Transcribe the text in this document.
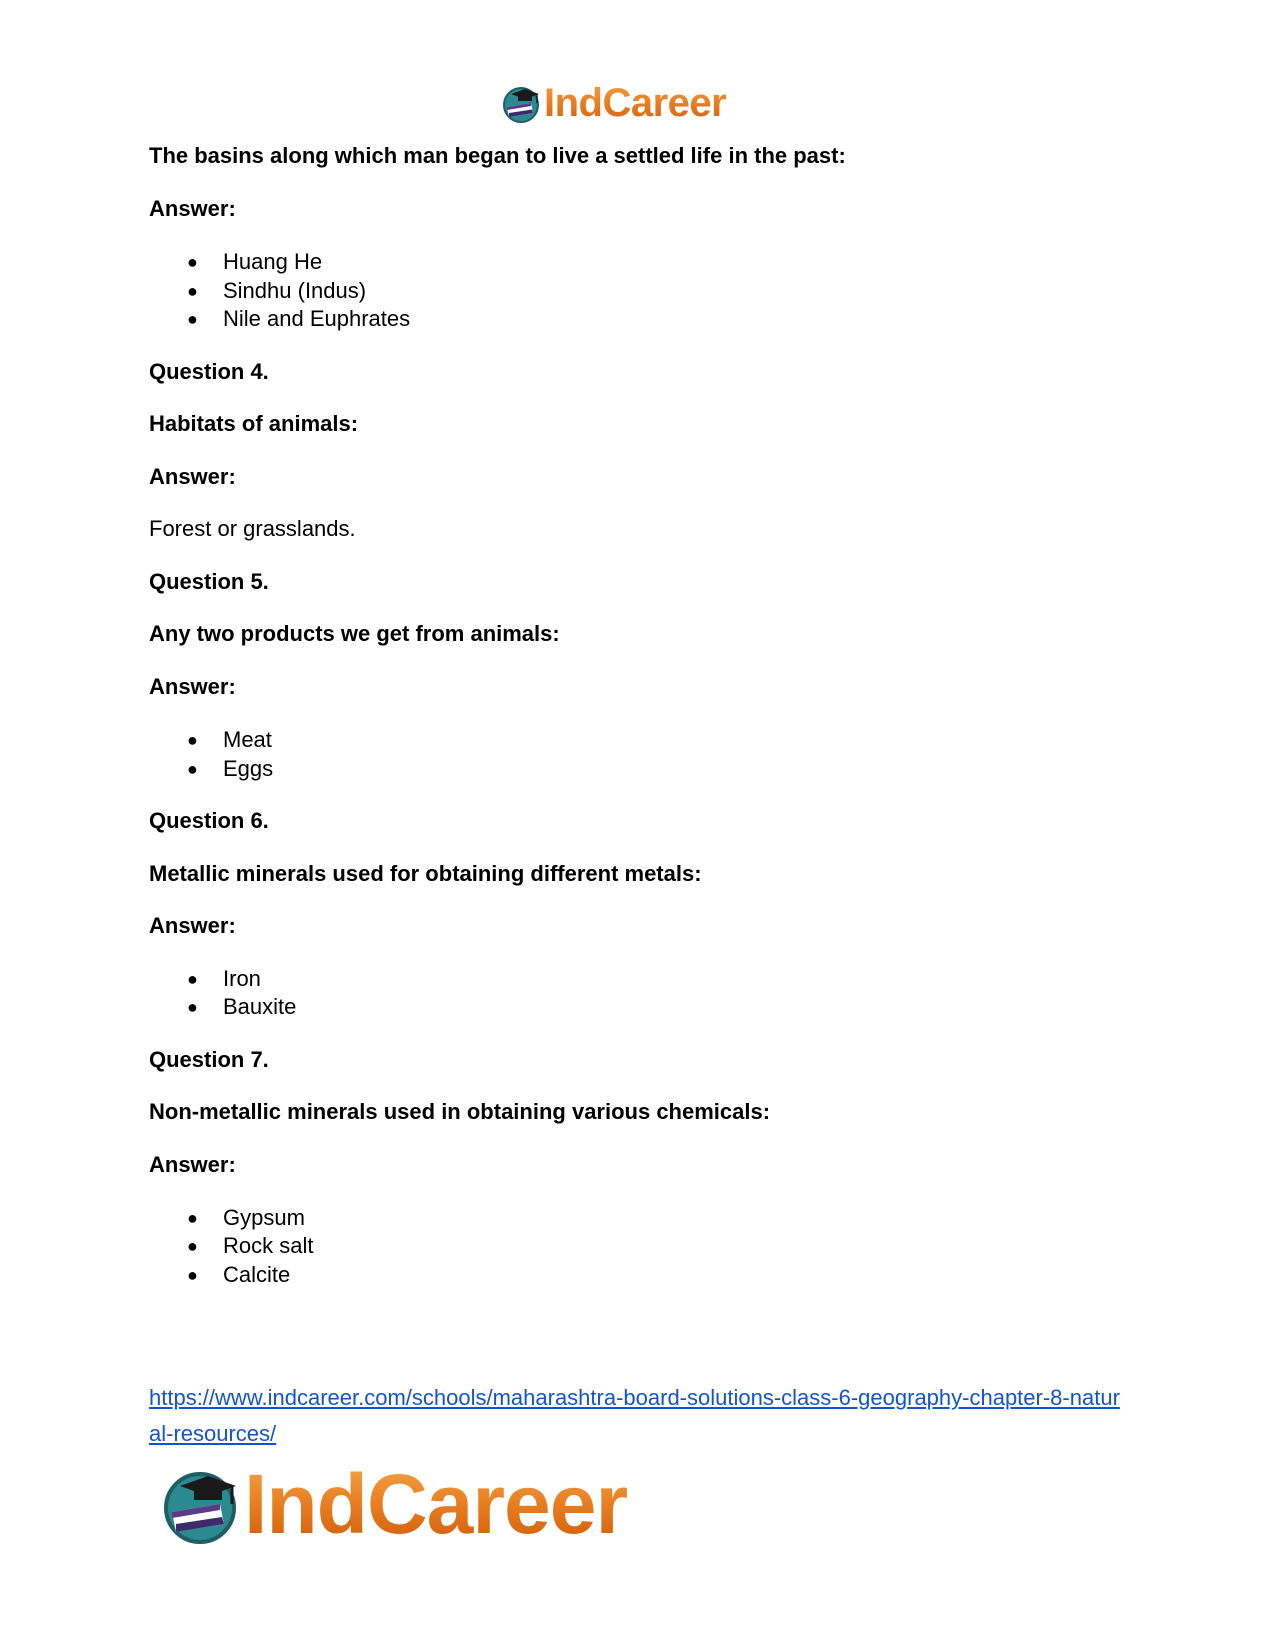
IndCareer
The basins along which man began to live a settled life in the past:
Answer:
● Huang He
● Sindhu (Indus)
● Nile and Euphrates
Question 4.
Habitats of animals:
Answer:
Forest or grasslands.
Question 5.
Any two products we get from animals:
Answer:
● Meat
● Eggs
Question 6.
Metallic minerals used for obtaining different metals:
Answer:
● Iron
● Bauxite
Question 7.
Non-metallic minerals used in obtaining various chemicals:
Answer:
● Gypsum
● Rock salt
● Calcite
https://www.indcareer.com/schools/maharashtra-board-solutions-class-6-geography-chapter-8-natural-resources/
IndCareer
